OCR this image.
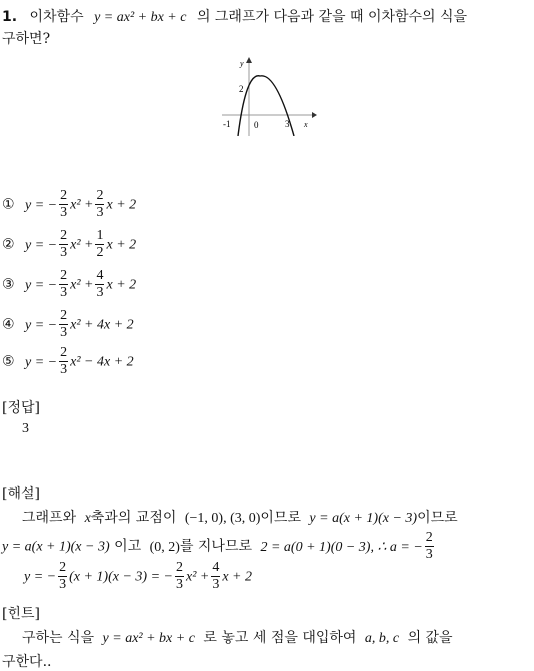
1. 이차함수 y = ax² + bx + c 의 그래프가 다음과 같을 때 이차함수의 식을
구하면?
y
x
2
-1	0	3
① y = − $\frac{2}{3} x^2 + \frac{2}{3}$ x + 2
② y = − $\frac{2}{3} x^2 + \frac{1}{2}$ x + 2
③ y = − $\frac{2}{3} x^2 + \frac{4}{3}$ x + 2
④ y = − $\frac{2}{3} x^2 + 4x + 2$
⑤ y = − $\frac{2}{3} x^2 - 4x + 2$
[정답]
3
[해설]
그래프와 x축과의 교점이 (−1, 0), (3, 0)이므로 y = a(x + 1)(x − 3)이므로
y = a(x + 1)(x − 3) 이고 (0, 2)를 지나므로 2 = a(0 + 1)(0 − 3), ∴ a = − $\frac{2}{3}$
y = − $\frac{2}{3} (x + 1)(x - 3)$ = − $\frac{2}{3} x^2 + \frac{4}{3}$ x + 2
[힌트]
구하는 식을 y = ax² + bx + c 로 놓고 세 점을 대입하여 a, b, c 의 값을
구한다..
